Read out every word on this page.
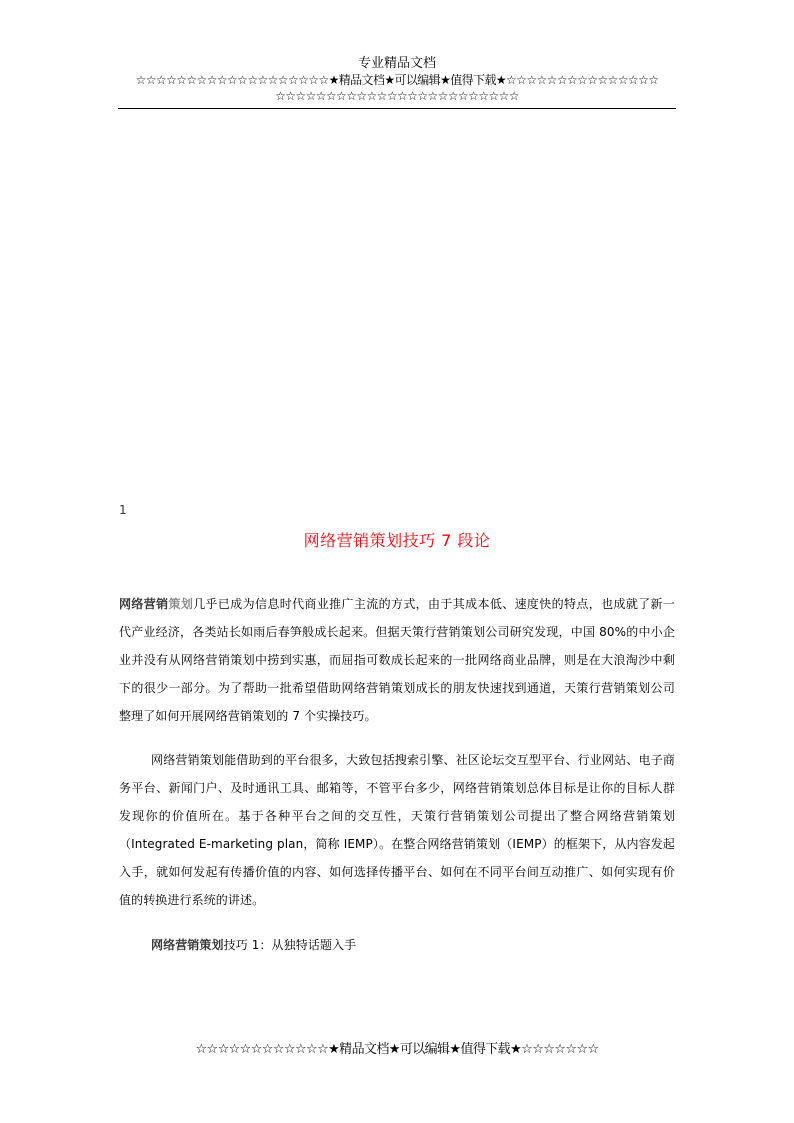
专业精品文档
☆☆☆☆☆☆☆☆☆☆☆☆☆☆☆☆☆☆☆★精品文档★可以编辑★值得下载★☆☆☆☆☆☆☆☆☆☆☆☆☆☆☆
☆☆☆☆☆☆☆☆☆☆☆☆☆☆☆☆☆☆☆☆☆☆☆☆
1
网络营销策划技巧 7 段论
网络营销策划几乎已成为信息时代商业推广主流的方式，由于其成本低、速度快的特点，也成就了新一代产业经济，各类站长如雨后春笋般成长起来。但据天策行营销策划公司研究发现，中国 80%的中小企业并没有从网络营销策划中捞到实惠，而屈指可数成长起来的一批网络商业品牌，则是在大浪淘沙中剩下的很少一部分。为了帮助一批希望借助网络营销策划成长的朋友快速找到通道，天策行营销策划公司整理了如何开展网络营销策划的 7 个实操技巧。
网络营销策划能借助到的平台很多，大致包括搜索引擎、社区论坛交互型平台、行业网站、电子商务平台、新闻门户、及时通讯工具、邮箱等，不管平台多少，网络营销策划总体目标是让你的目标人群发现你的价值所在。基于各种平台之间的交互性，天策行营销策划公司提出了整合网络营销策划（Integrated E-marketing plan，简称 IEMP）。在整合网络营销策划（IEMP）的框架下，从内容发起入手，就如何发起有传播价值的内容、如何选择传播平台、如何在不同平台间互动推广、如何实现有价值的转换进行系统的讲述。
网络营销策划技巧 1：从独特话题入手
☆☆☆☆☆☆☆☆☆☆☆☆★精品文档★可以编辑★值得下载★☆☆☆☆☆☆☆
